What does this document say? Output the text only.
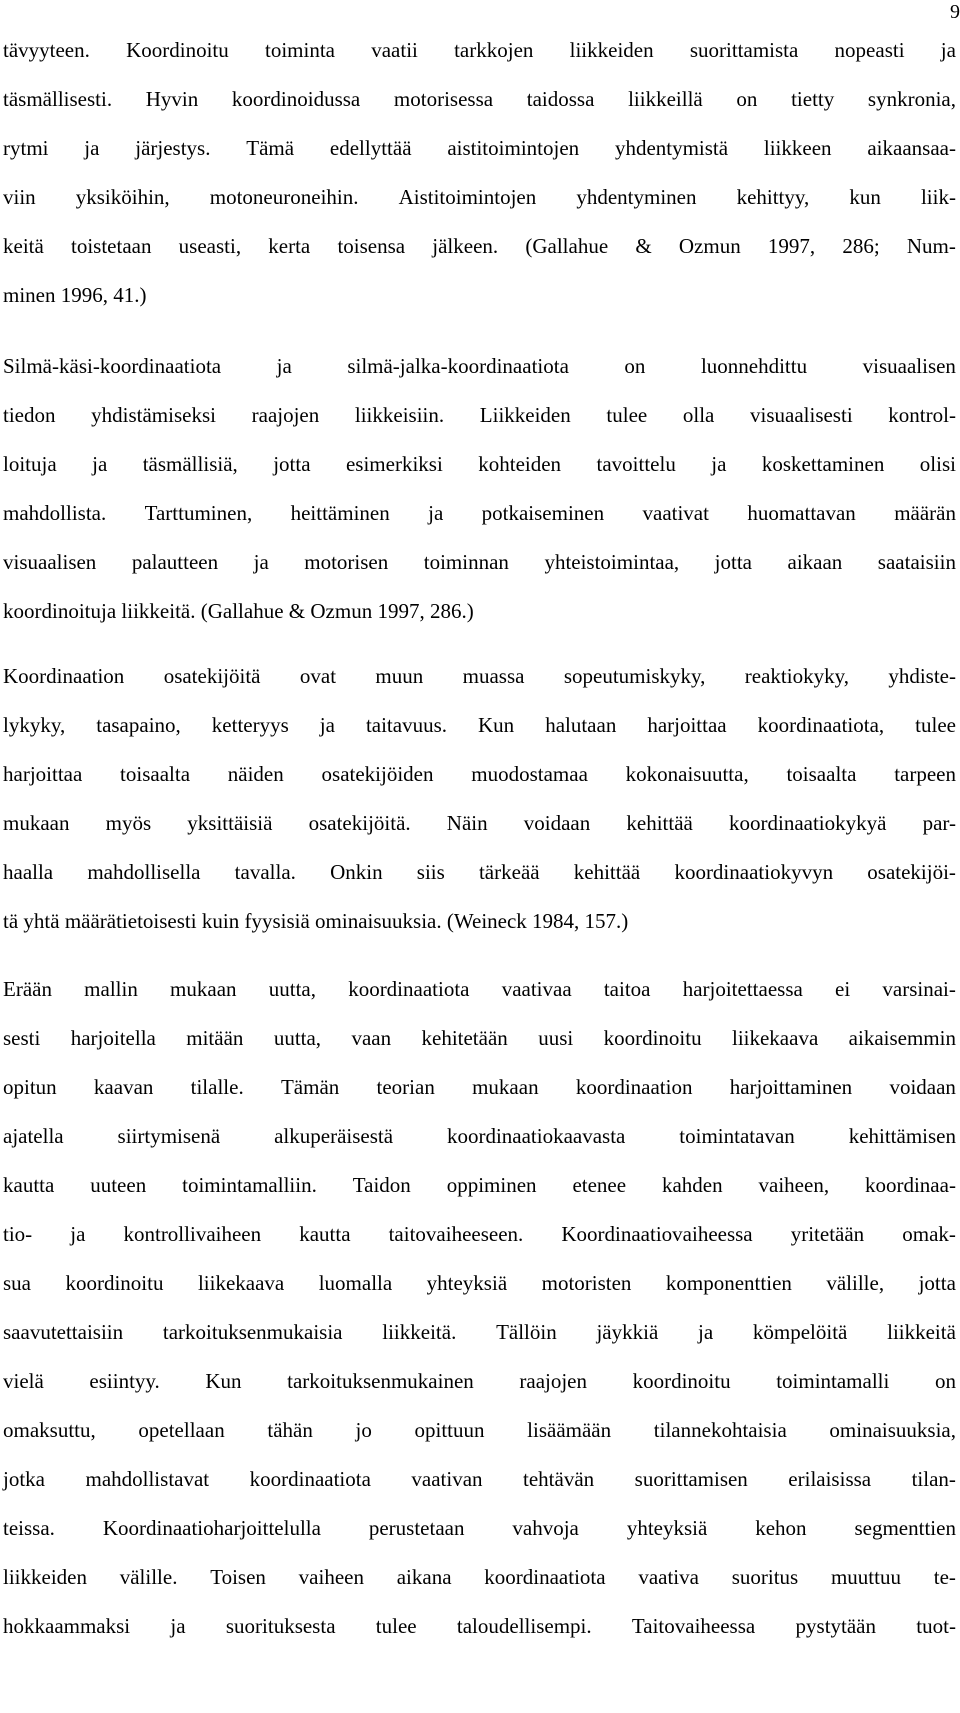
9
tävyyteen. Koordinoitu toiminta vaatii tarkkojen liikkeiden suorittamista nopeasti ja
täsmällisesti. Hyvin koordinoidussa motorisessa taidossa liikkeillä on tietty synkronia,
rytmi ja järjestys. Tämä edellyttää aistitoimintojen yhdentymistä liikkeen aikaansaa-
viin yksiköihin, motoneuroneihin. Aistitoimintojen yhdentyminen kehittyy, kun liik-
keitä toistetaan useasti, kerta toisensa jälkeen. (Gallahue & Ozmun 1997, 286; Num-
minen
1996,
41.)
Silmä-käsi-koordinaatiota	ja	silmä-jalka-koordinaatiota	on	luonnehdittu	visuaalisen
tiedon yhdistämiseksi raajojen liikkeisiin. Liikkeiden tulee olla visuaalisesti kontrol-
loituja ja täsmällisiä, jotta esimerkiksi kohteiden tavoittelu ja koskettaminen olisi
mahdollista. Tarttuminen, heittäminen ja potkaiseminen vaativat huomattavan määrän
visuaalisen palautteen ja motorisen toiminnan yhteistoimintaa, jotta aikaan saataisiin
koordinoituja
liikkeitä.
(Gallahue
&
Ozmun
1997,
286.)
Koordinaation osatekijöitä ovat muun muassa sopeutumiskyky, reaktiokyky, yhdiste-
lykyky, tasapaino, ketteryys ja taitavuus. Kun halutaan harjoittaa koordinaatiota, tulee
harjoittaa toisaalta näiden osatekijöiden muodostamaa kokonaisuutta, toisaalta tarpeen
mukaan myös yksittäisiä osatekijöitä. Näin voidaan kehittää koordinaatiokykyä par-
haalla mahdollisella tavalla. Onkin siis tärkeää kehittää koordinaatiokyvyn osatekijöi-
tä
yhtä
määrätietoisesti
kuin
fyysisiä
ominaisuuksia.
(Weineck
1984,
157.)
Erään mallin mukaan uutta, koordinaatiota vaativaa taitoa harjoitettaessa ei varsinai-
sesti harjoitella mitään uutta, vaan kehitetään uusi koordinoitu liikekaava aikaisemmin
opitun kaavan tilalle. Tämän teorian mukaan koordinaation harjoittaminen voidaan
ajatella	siirtymisenä	alkuperäisestä	koordinaatiokaavasta	toimintatavan	kehittämisen
kautta uuteen toimintamalliin. Taidon oppiminen etenee kahden vaiheen, koordinaa-
tio- ja kontrollivaiheen kautta taitovaiheeseen. Koordinaatiovaiheessa yritetään omak-
sua koordinoitu liikekaava luomalla yhteyksiä motoristen komponenttien välille, jotta
saavutettaisiin tarkoituksenmukaisia liikkeitä. Tällöin jäykkiä ja kömpelöitä liikkeitä
vielä esiintyy. Kun tarkoituksenmukainen raajojen koordinoitu toimintamalli on
omaksuttu, opetellaan tähän jo opittuun lisäämään tilannekohtaisia ominaisuuksia,
jotka mahdollistavat koordinaatiota vaativan tehtävän suorittamisen erilaisissa tilan-
teissa. Koordinaatioharjoittelulla perustetaan vahvoja yhteyksiä kehon segmenttien
liikkeiden välille. Toisen vaiheen aikana koordinaatiota vaativa suoritus muuttuu te-
hokkaammaksi ja suorituksesta tulee taloudellisempi. Taitovaiheessa pystytään tuot-
